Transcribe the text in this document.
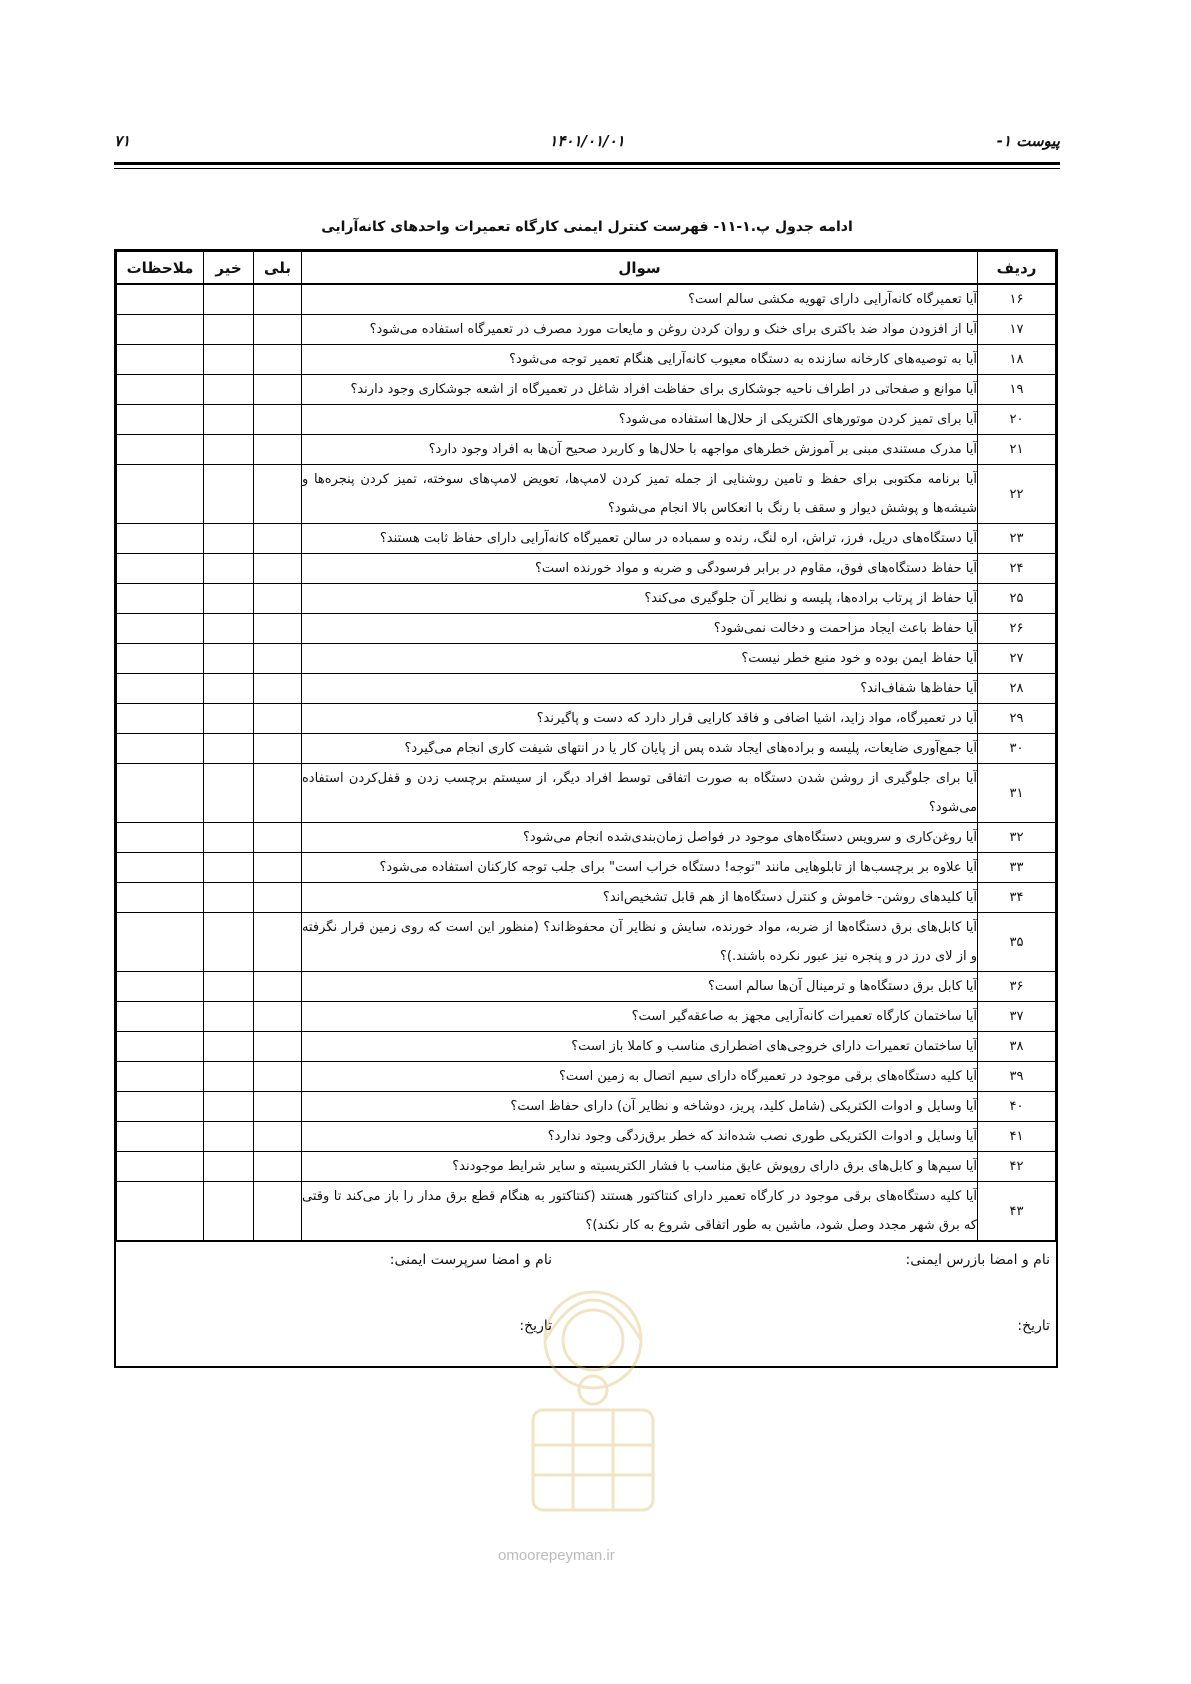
پیوست ۱-
۱۴۰۱/۰۱/۰۱
۷۱
ادامه جدول پ.۱-۱۱- فهرست کنترل ایمنی کارگاه تعمیرات واحدهای کانه‌آرایی
ردیف	سوال	بلی	خیر	ملاحظات
۱۶	آیا تعمیرگاه کانه‌آرایی دارای تهویه مکشی سالم است؟			
۱۷	آیا از افزودن مواد ضد باکتری برای خنک و روان کردن روغن و مایعات مورد مصرف در تعمیرگاه استفاده می‌شود؟			
۱۸	آیا به توصیه‌های کارخانه سازنده به دستگاه معیوب کانه‌آرایی هنگام تعمیر توجه می‌شود؟			
۱۹	آیا موانع و صفحاتی در اطراف ناحیه جوشکاری برای حفاظت افراد شاغل در تعمیرگاه از اشعه جوشکاری وجود دارند؟			
۲۰	آیا برای تمیز کردن موتورهای الکتریکی از حلال‌ها استفاده می‌شود؟			
۲۱	آیا مدرک مستندی مبنی بر آموزش خطرهای مواجهه با حلال‌ها و کاربرد صحیح آن‌ها به افراد وجود دارد؟			
۲۲	آیا برنامه مکتوبی برای حفظ و تامین روشنایی از جمله تمیز کردن لامپ‌ها، تعویض لامپ‌های سوخته، تمیز کردن پنجره‌ها و شیشه‌ها و پوشش دیوار و سقف با رنگ با انعکاس بالا انجام می‌شود؟			
۲۳	آیا دستگاه‌های دریل، فرز، تراش، اره لنگ، رنده و سمباده در سالن تعمیرگاه کانه‌آرایی دارای حفاظ ثابت هستند؟			
۲۴	آیا حفاظ دستگاه‌های فوق، مقاوم در برابر فرسودگی و ضربه و مواد خورنده است؟			
۲۵	آیا حفاظ از پرتاب براده‌ها، پلیسه و نظایر آن جلوگیری می‌کند؟			
۲۶	آیا حفاظ باعث ایجاد مزاحمت و دخالت نمی‌شود؟			
۲۷	آیا حفاظ ایمن بوده و خود منبع خطر نیست؟			
۲۸	آیا حفاظ‌ها شفاف‌اند؟			
۲۹	آیا در تعمیرگاه، مواد زاید، اشیا اضافی و فاقد کارایی قرار دارد که دست و پاگیرند؟			
۳۰	آیا جمع‌آوری ضایعات، پلیسه و براده‌های ایجاد شده پس از پایان کار یا در انتهای شیفت کاری انجام می‌گیرد؟			
۳۱	آیا برای جلوگیری از روشن شدن دستگاه به صورت اتفاقی توسط افراد دیگر، از سیستم برچسب زدن و قفل‌کردن استفاده می‌شود؟			
۳۲	آیا روغن‌کاری و سرویس دستگاه‌های موجود در فواصل زمان‌بندی‌شده انجام می‌شود؟			
۳۳	آیا علاوه بر برچسب‌ها از تابلوهایی مانند "توجه! دستگاه خراب است" برای جلب توجه کارکنان استفاده می‌شود؟			
۳۴	آیا کلیدهای روشن- خاموش و کنترل دستگاه‌ها از هم قابل تشخیص‌اند؟			
۳۵	آیا کابل‌های برق دستگاه‌ها از ضربه، مواد خورنده، سایش و نظایر آن محفوظ‌اند؟ (منظور این است که روی زمین قرار نگرفته و از لای درز در و پنجره نیز عبور نکرده باشند.)؟			
۳۶	آیا کابل برق دستگاه‌ها و ترمینال آن‌ها سالم است؟			
۳۷	آیا ساختمان کارگاه تعمیرات کانه‌آرایی مجهز به صاعقه‌گیر است؟			
۳۸	آیا ساختمان تعمیرات دارای خروجی‌های اضطراری مناسب و کاملا باز است؟			
۳۹	آیا کلیه دستگاه‌های برقی موجود در تعمیرگاه دارای سیم اتصال به زمین است؟			
۴۰	آیا وسایل و ادوات الکتریکی (شامل کلید، پریز، دوشاخه و نظایر آن) دارای حفاظ است؟			
۴۱	آیا وسایل و ادوات الکتریکی طوری نصب شده‌اند که خطر برق‌زدگی وجود ندارد؟			
۴۲	آیا سیم‌ها و کابل‌های برق دارای روپوش عایق مناسب با فشار الکتریسیته و سایر شرایط موجودند؟			
۴۳	آیا کلیه دستگاه‌های برقی موجود در کارگاه تعمیر دارای کنتاکتور هستند (کنتاکتور به هنگام قطع برق مدار را باز می‌کند تا وقتی که برق شهر مجدد وصل شود، ماشین به طور اتفاقی شروع به کار نکند)؟			
نام و امضا بازرس ایمنی:
تاریخ:
نام و امضا سرپرست ایمنی:
تاریخ:
omoorepeyman.ir
